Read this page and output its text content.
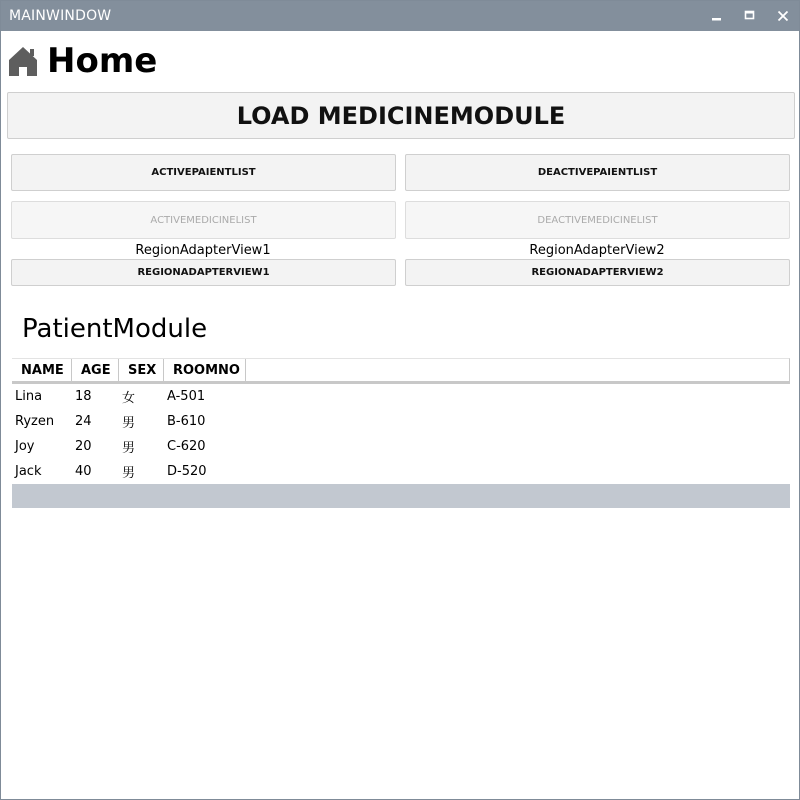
MAINWINDOW
Home
LOAD MEDICINEMODULE
ACTIVEPAIENTLIST	DEACTIVEPAIENTLIST
ACTIVEMEDICINELIST	DEACTIVEMEDICINELIST
RegionAdapterView1	RegionAdapterView2
REGIONADAPTERVIEW1	REGIONADAPTERVIEW2
PatientModule
NAME	AGE	SEX	ROOMNO
Lina	18	女	A-501
Ryzen	24	男	B-610
Joy	20	男	C-620
Jack	40	男	D-520
